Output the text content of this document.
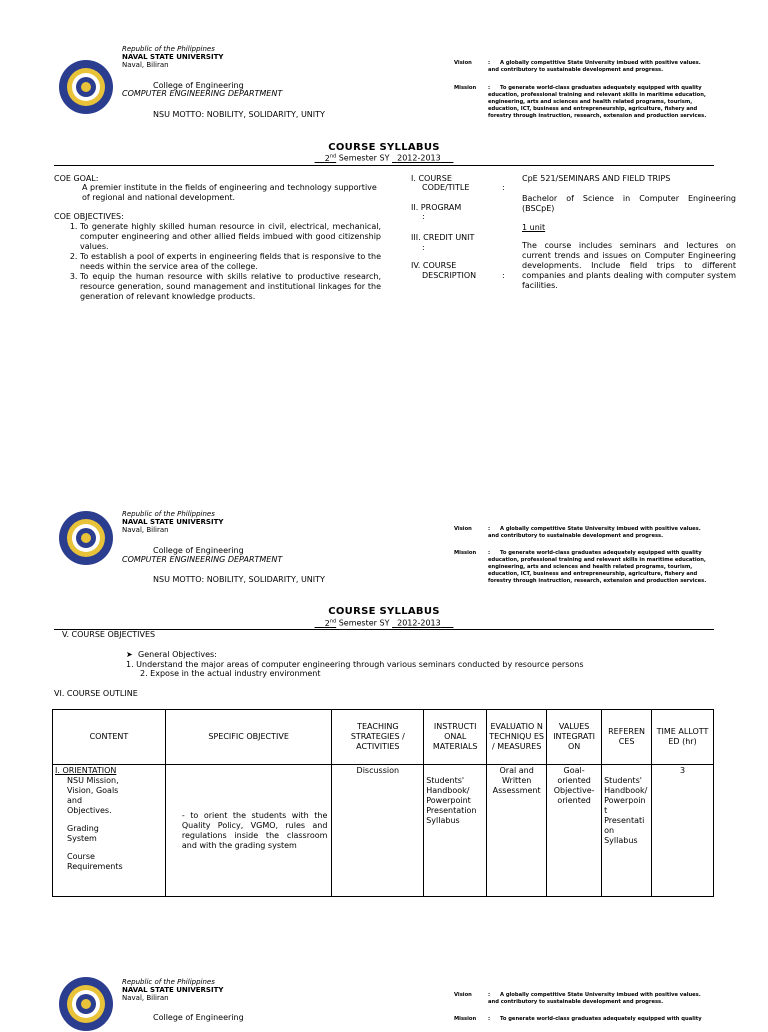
Republic of the Philippines
NAVAL STATE UNIVERSITY
Naval, Biliran
College of Engineering
COMPUTER ENGINEERING DEPARTMENT
NSU MOTTO: NOBILITY, SOLIDARITY, UNITY
Vision	: A globally competitive State University imbued with positive values.
and contributory to sustainable development and progress.
Mission : To generate world-class graduates adequately equipped with quality
education, professional training and relevant skills in maritime education,
engineering, arts and sciences and health related programs, tourism,
education, ICT, business and entrepreneurship, agriculture, fishery and
forestry through instruction, research, extension and production services.
COURSE SYLLABUS
2nd Semester SY 2012-2013
COE GOAL:
A premier institute in the fields of engineering and technology supportive of regional and national development.
COE OBJECTIVES:
1. To generate highly skilled human resource in civil, electrical, mechanical, computer engineering and other allied fields imbued with good citizenship values.
2. To establish a pool of experts in engineering fields that is responsive to the needs within the service area of the college.
3. To equip the human resource with skills relative to productive research, resource generation, sound management and institutional linkages for the generation of relevant knowledge products.
I. COURSE
CODE/TITLE	:
CpE 521/SEMINARS AND FIELD TRIPS
II. PROGRAM
:
Bachelor of Science in Computer Engineering (BSCpE)
III. CREDIT UNIT
:
1 unit
IV. COURSE
DESCRIPTION	:
The course includes seminars and lectures on current trends and issues on Computer Engineering developments. Include field trips to different companies and plants dealing with computer system facilities.
Republic of the Philippines
NAVAL STATE UNIVERSITY
Naval, Biliran
College of Engineering
COMPUTER ENGINEERING DEPARTMENT
NSU MOTTO: NOBILITY, SOLIDARITY, UNITY
Vision	: A globally competitive State University imbued with positive values.
and contributory to sustainable development and progress.
Mission : To generate world-class graduates adequately equipped with quality
education, professional training and relevant skills in maritime education,
engineering, arts and sciences and health related programs, tourism,
education, ICT, business and entrepreneurship, agriculture, fishery and
forestry through instruction, research, extension and production services.
COURSE SYLLABUS
2nd Semester SY 2012-2013
V. COURSE OBJECTIVES
➤ General Objectives:
1. Understand the major areas of computer engineering through various seminars conducted by resource persons
2. Expose in the actual industry environment
VI. COURSE OUTLINE
CONTENT	SPECIFIC OBJECTIVE	TEACHING STRATEGIES / ACTIVITIES	INSTRUCTI ONAL MATERIALS	EVALUATIO N TECHNIQU ES / MEASURES	VALUES INTEGRATI ON	REFEREN CES	TIME ALLOTT ED (hr)

I. ORIENTATION
NSU Mission, Vision, Goals and Objectives.
Grading System
Course Requirements	- to orient the students with the Quality Policy, VGMO, rules and regulations inside the classroom and with the grading system	Discussion	Students' Handbook/ Powerpoint Presentation Syllabus	Oral and Written Assessment	Goal-oriented Objective-oriented	Students' Handbook/ Powerpoin t Presentati on Syllabus	3
Republic of the Philippines
NAVAL STATE UNIVERSITY
Naval, Biliran
College of Engineering
Vision	: A globally competitive State University imbued with positive values.
and contributory to sustainable development and progress.
Mission : To generate world-class graduates adequately equipped with quality
